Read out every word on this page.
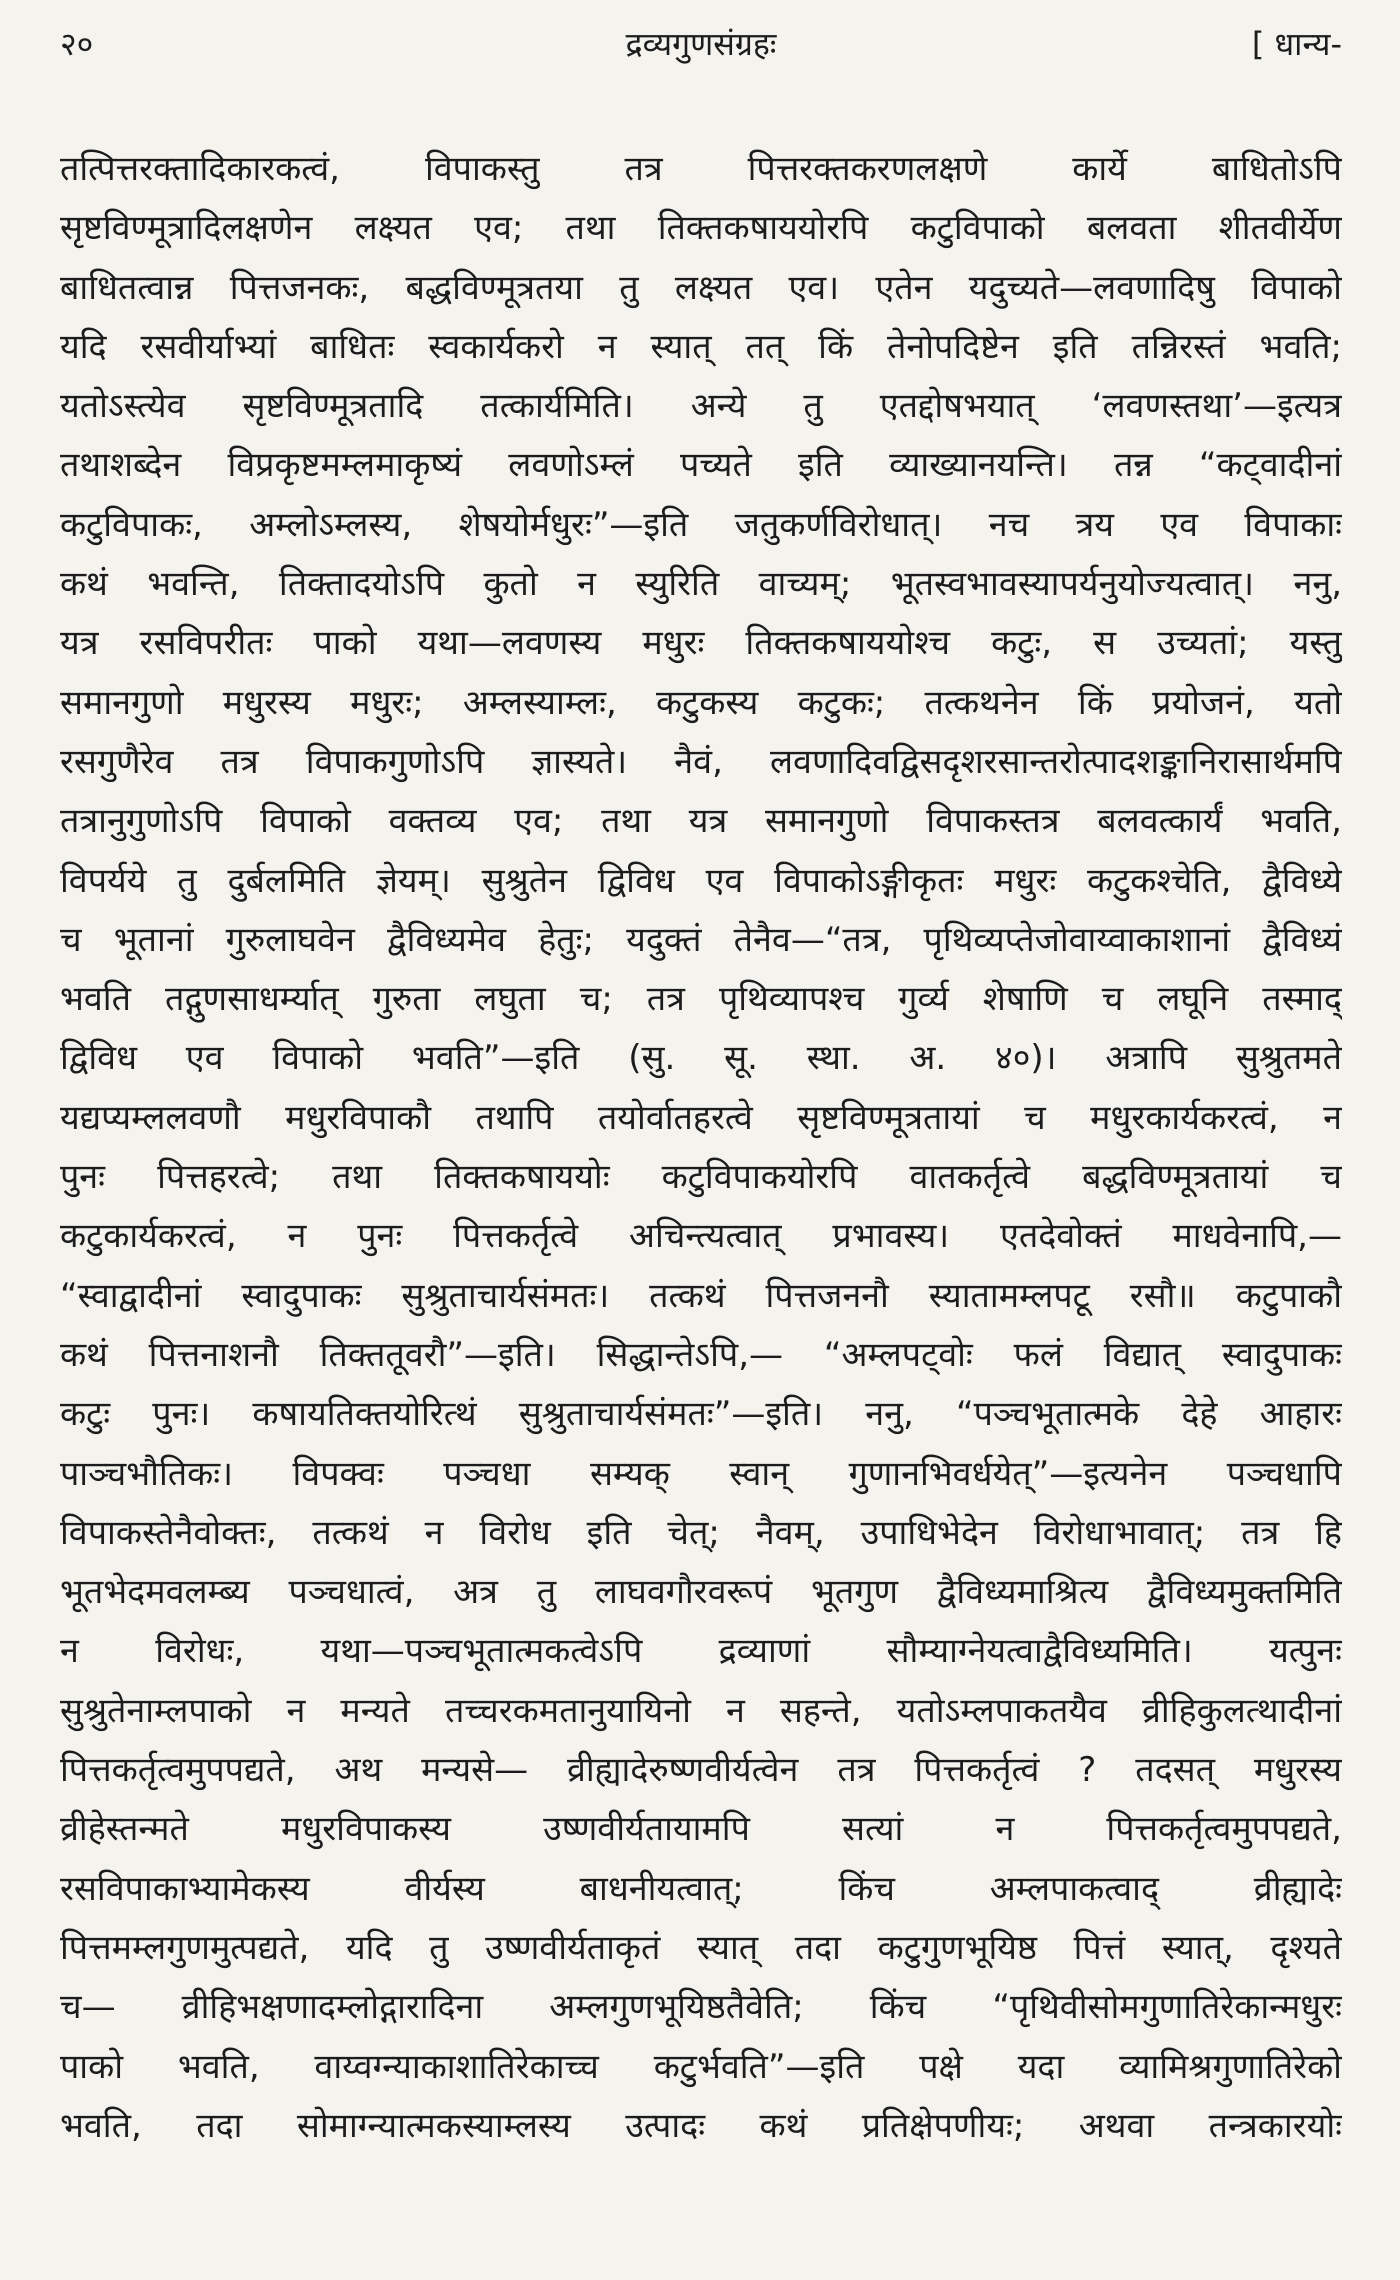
२०	द्रव्यगुणसंग्रहः	[ धान्य-
तत्पित्तरक्तादिकारकत्वं, विपाकस्तु तत्र पित्तरक्तकरणलक्षणे कार्ये बाधितोऽपि
सृष्टविण्मूत्रादिलक्षणेन लक्ष्यत एव; तथा तिक्तकषाययोरपि कटुविपाको बलवता शीतवीर्येण
बाधितत्वान्न पित्तजनकः, बद्धविण्मूत्रतया तु लक्ष्यत एव। एतेन यदुच्यते—लवणादिषु विपाको
यदि रसवीर्याभ्यां बाधितः स्वकार्यकरो न स्यात् तत् किं तेनोपदिष्टेन इति तन्निरस्तं भवति;
यतोऽस्त्येव सृष्टविण्मूत्रतादि तत्कार्यमिति। अन्ये तु एतद्दोषभयात् ‘लवणस्तथा’—इत्यत्र
तथाशब्देन विप्रकृष्टमम्लमाकृष्यं लवणोऽम्लं पच्यते इति व्याख्यानयन्ति। तन्न “कट्वादीनां
कटुविपाकः, अम्लोऽम्लस्य, शेषयोर्मधुरः”—इति जतुकर्णविरोधात्। नच त्रय एव विपाकाः
कथं भवन्ति, तिक्तादयोऽपि कुतो न स्युरिति वाच्यम्; भूतस्वभावस्यापर्यनुयोज्यत्वात्। ननु,
यत्र रसविपरीतः पाको यथा—लवणस्य मधुरः तिक्तकषाययोश्च कटुः, स उच्यतां; यस्तु
समानगुणो मधुरस्य मधुरः; अम्लस्याम्लः, कटुकस्य कटुकः; तत्कथनेन किं प्रयोजनं, यतो
रसगुणैरेव तत्र विपाकगुणोऽपि ज्ञास्यते। नैवं, लवणादिवद्विसदृशरसान्तरोत्पादशङ्कानिरासार्थमपि
तत्रानुगुणोऽपि विपाको वक्तव्य एव; तथा यत्र समानगुणो विपाकस्तत्र बलवत्कार्यं भवति,
विपर्यये तु दुर्बलमिति ज्ञेयम्। सुश्रुतेन द्विविध एव विपाकोऽङ्गीकृतः मधुरः कटुकश्चेति, द्वैविध्ये
च भूतानां गुरुलाघवेन द्वैविध्यमेव हेतुः; यदुक्तं तेनैव—“तत्र, पृथिव्यप्तेजोवाय्वाकाशानां द्वैविध्यं
भवति तद्गुणसाधर्म्यात् गुरुता लघुता च; तत्र पृथिव्यापश्च गुर्व्य शेषाणि च लघूनि तस्माद्
द्विविध एव विपाको भवति”—इति (सु. सू. स्था. अ. ४०)। अत्रापि सुश्रुतमते
यद्यप्यम्ललवणौ मधुरविपाकौ तथापि तयोर्वातहरत्वे सृष्टविण्मूत्रतायां च मधुरकार्यकरत्वं, न
पुनः पित्तहरत्वे; तथा तिक्तकषाययोः कटुविपाकयोरपि वातकर्तृत्वे बद्धविण्मूत्रतायां च
कटुकार्यकरत्वं, न पुनः पित्तकर्तृत्वे अचिन्त्यत्वात् प्रभावस्य। एतदेवोक्तं माधवेनापि,—
“स्वाद्वादीनां स्वादुपाकः सुश्रुताचार्यसंमतः। तत्कथं पित्तजननौ स्यातामम्लपटू रसौ॥ कटुपाकौ
कथं पित्तनाशनौ तिक्ततूवरौ”—इति। सिद्धान्तेऽपि,— “अम्लपट्वोः फलं विद्यात् स्वादुपाकः
कटुः पुनः। कषायतिक्तयोरित्थं सुश्रुताचार्यसंमतः”—इति। ननु, “पञ्चभूतात्मके देहे आहारः
पाञ्चभौतिकः। विपक्वः पञ्चधा सम्यक् स्वान् गुणानभिवर्धयेत्”—इत्यनेन पञ्चधापि
विपाकस्तेनैवोक्तः, तत्कथं न विरोध इति चेत्; नैवम्, उपाधिभेदेन विरोधाभावात्; तत्र हि
भूतभेदमवलम्ब्य पञ्चधात्वं, अत्र तु लाघवगौरवरूपं भूतगुण द्वैविध्यमाश्रित्य द्वैविध्यमुक्तमिति
न विरोधः, यथा—पञ्चभूतात्मकत्वेऽपि द्रव्याणां सौम्याग्नेयत्वाद्वैविध्यमिति। यत्पुनः
सुश्रुतेनाम्लपाको न मन्यते तच्चरकमतानुयायिनो न सहन्ते, यतोऽम्लपाकतयैव व्रीहिकुलत्थादीनां
पित्तकर्तृत्वमुपपद्यते, अथ मन्यसे— व्रीह्यादेरुष्णवीर्यत्वेन तत्र पित्तकर्तृत्वं ? तदसत् मधुरस्य
व्रीहेस्तन्मते मधुरविपाकस्य उष्णवीर्यतायामपि सत्यां न पित्तकर्तृत्वमुपपद्यते,
रसविपाकाभ्यामेकस्य वीर्यस्य बाधनीयत्वात्; किंच अम्लपाकत्वाद् व्रीह्यादेः
पित्तमम्लगुणमुत्पद्यते, यदि तु उष्णवीर्यताकृतं स्यात् तदा कटुगुणभूयिष्ठ पित्तं स्यात्, दृश्यते
च— व्रीहिभक्षणादम्लोद्गारादिना अम्लगुणभूयिष्ठतैवेति; किंच “पृथिवीसोमगुणातिरेकान्मधुरः
पाको भवति, वाय्वग्न्याकाशातिरेकाच्च कटुर्भवति”—इति पक्षे यदा व्यामिश्रगुणातिरेको
भवति, तदा सोमाग्न्यात्मकस्याम्लस्य उत्पादः कथं प्रतिक्षेपणीयः; अथवा तन्त्रकारयोः
